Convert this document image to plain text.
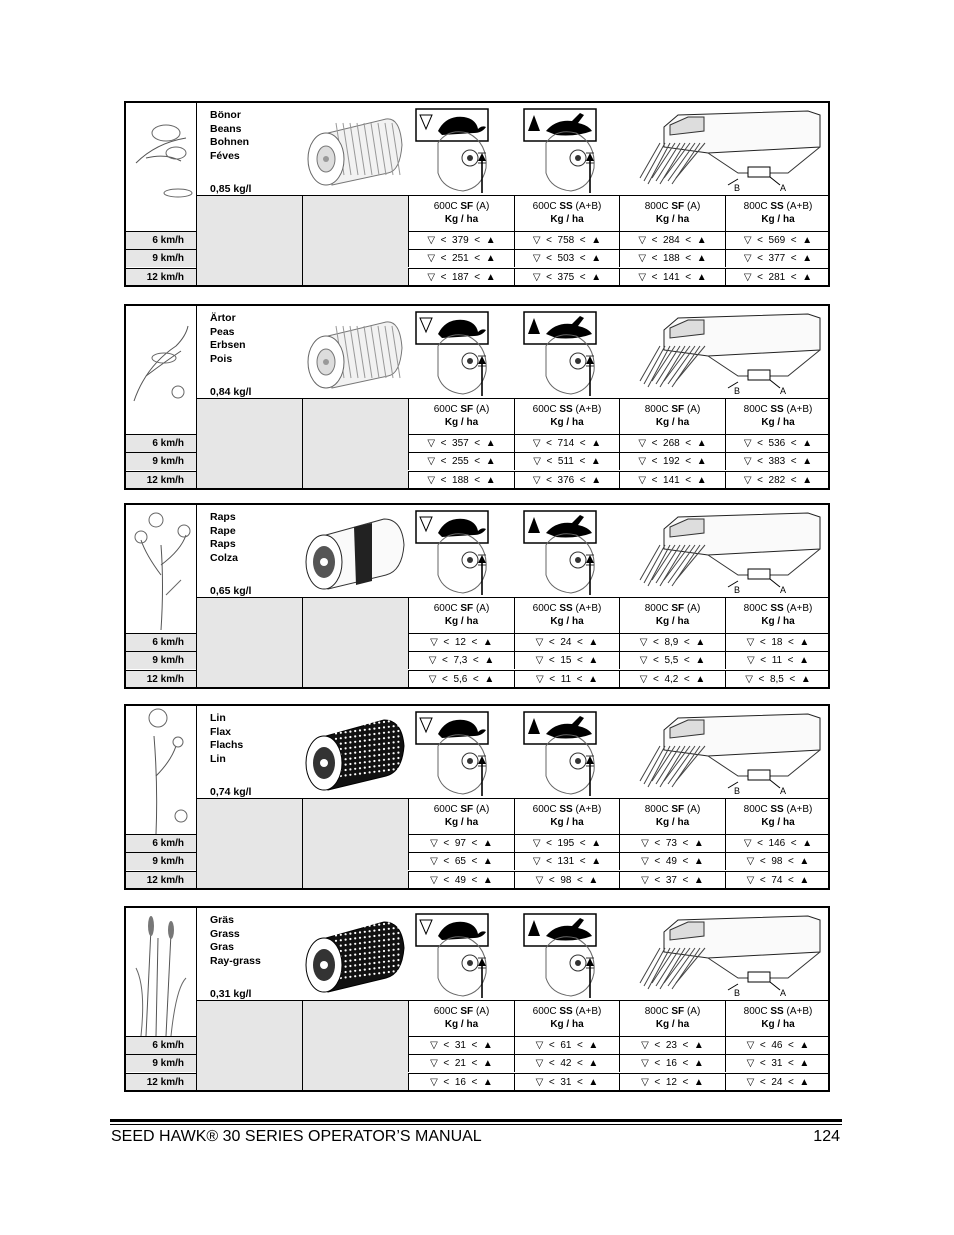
Bönor
Beans
Bohnen
Féves
0,85 kg/l	B	A
600C SF (A)
Kg / ha
600C SS (A+B)
Kg / ha
800C SF (A)
Kg / ha
800C SS (A+B)
Kg / ha
6 km/h	▽ < 379 < ▲	▽ < 758 < ▲	▽ < 284 < ▲	▽ < 569 < ▲
9 km/h	▽ < 251 < ▲	▽ < 503 < ▲	▽ < 188 < ▲	▽ < 377 < ▲
12 km/h	▽ < 187 < ▲	▽ < 375 < ▲	▽ < 141 < ▲	▽ < 281 < ▲
Ärtor
Peas
Erbsen
Pois
0,84 kg/l	B	A
600C SF (A)
Kg / ha
600C SS (A+B)
Kg / ha
800C SF (A)
Kg / ha
800C SS (A+B)
Kg / ha
6 km/h	▽ < 357 < ▲	▽ < 714 < ▲	▽ < 268 < ▲	▽ < 536 < ▲
9 km/h	▽ < 255 < ▲	▽ < 511 < ▲	▽ < 192 < ▲	▽ < 383 < ▲
12 km/h	▽ < 188 < ▲	▽ < 376 < ▲	▽ < 141 < ▲	▽ < 282 < ▲
Raps
Rape
Raps
Colza
0,65 kg/l	B	A
600C SF (A)
Kg / ha
600C SS (A+B)
Kg / ha
800C SF (A)
Kg / ha
800C SS (A+B)
Kg / ha
6 km/h	▽ < 12 < ▲	▽ < 24 < ▲	▽ < 8,9 < ▲	▽ < 18 < ▲
9 km/h	▽ < 7,3 < ▲	▽ < 15 < ▲	▽ < 5,5 < ▲	▽ < 11 < ▲
12 km/h	▽ < 5,6 < ▲	▽ < 11 < ▲	▽ < 4,2 < ▲	▽ < 8,5 < ▲
Lin
Flax
Flachs
Lin
0,74 kg/l	B	A
600C SF (A)
Kg / ha
600C SS (A+B)
Kg / ha
800C SF (A)
Kg / ha
800C SS (A+B)
Kg / ha
6 km/h	▽ < 97 < ▲	▽ < 195 < ▲	▽ < 73 < ▲	▽ < 146 < ▲
9 km/h	▽ < 65 < ▲	▽ < 131 < ▲	▽ < 49 < ▲	▽ < 98 < ▲
12 km/h	▽ < 49 < ▲	▽ < 98 < ▲	▽ < 37 < ▲	▽ < 74 < ▲
Gräs
Grass
Gras
Ray-grass
0,31 kg/l	B	A
600C SF (A)
Kg / ha
600C SS (A+B)
Kg / ha
800C SF (A)
Kg / ha
800C SS (A+B)
Kg / ha
6 km/h	▽ < 31 < ▲	▽ < 61 < ▲	▽ < 23 < ▲	▽ < 46 < ▲
9 km/h	▽ < 21 < ▲	▽ < 42 < ▲	▽ < 16 < ▲	▽ < 31 < ▲
12 km/h	▽ < 16 < ▲	▽ < 31 < ▲	▽ < 12 < ▲	▽ < 24 < ▲
SEED HAWK® 30 SERIES OPERATOR’S MANUAL	124
